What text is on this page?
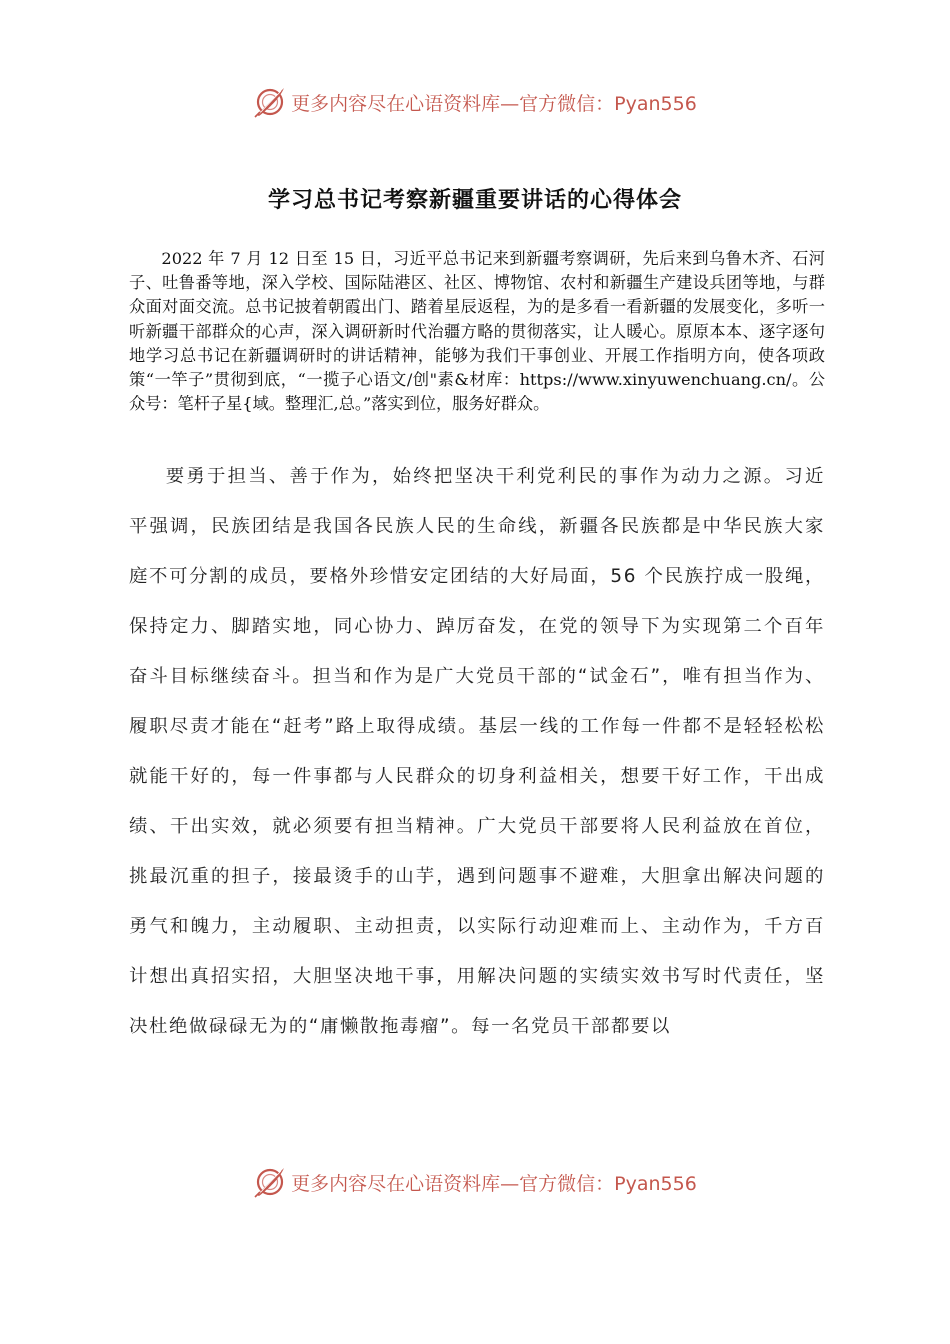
更多内容尽在心语资料库—官方微信：Pyan556
学习总书记考察新疆重要讲话的心得体会

2022 年 7 月 12 日至 15 日，习近平总书记来到新疆考察调研，先后来到乌鲁木齐、石河子、吐鲁番等地，深入学校、国际陆港区、社区、博物馆、农村和新疆生产建设兵团等地，与群众面对面交流。总书记披着朝霞出门、踏着星辰返程，为的是多看一看新疆的发展变化，多听一听新疆干部群众的心声，深入调研新时代治疆方略的贯彻落实，让人暖心。原原本本、逐字逐句地学习总书记在新疆调研时的讲话精神，能够为我们干事创业、开展工作指明方向，使各项政策“一竿子”贯彻到底，“一揽子心语文/创"素&材库：https://www.xinyuwenchuang.cn/。公众号：笔杆子星{域。整理汇,总。”落实到位，服务好群众。

要勇于担当、善于作为，始终把坚决干利党利民的事作为动力之源。习近平强调，民族团结是我国各民族人民的生命线，新疆各民族都是中华民族大家庭不可分割的成员，要格外珍惜安定团结的大好局面，56 个民族拧成一股绳，保持定力、脚踏实地，同心协力、踔厉奋发，在党的领导下为实现第二个百年奋斗目标继续奋斗。担当和作为是广大党员干部的“试金石”，唯有担当作为、履职尽责才能在“赶考”路上取得成绩。基层一线的工作每一件都不是轻轻松松就能干好的，每一件事都与人民群众的切身利益相关，想要干好工作，干出成绩、干出实效，就必须要有担当精神。广大党员干部要将人民利益放在首位，挑最沉重的担子，接最烫手的山芋，遇到问题事不避难，大胆拿出解决问题的勇气和魄力，主动履职、主动担责，以实际行动迎难而上、主动作为，千方百计想出真招实招，大胆坚决地干事，用解决问题的实绩实效书写时代责任，坚决杜绝做碌碌无为的“庸懒散拖毒瘤”。每一名党员干部都要以

更多内容尽在心语资料库—官方微信：Pyan556
